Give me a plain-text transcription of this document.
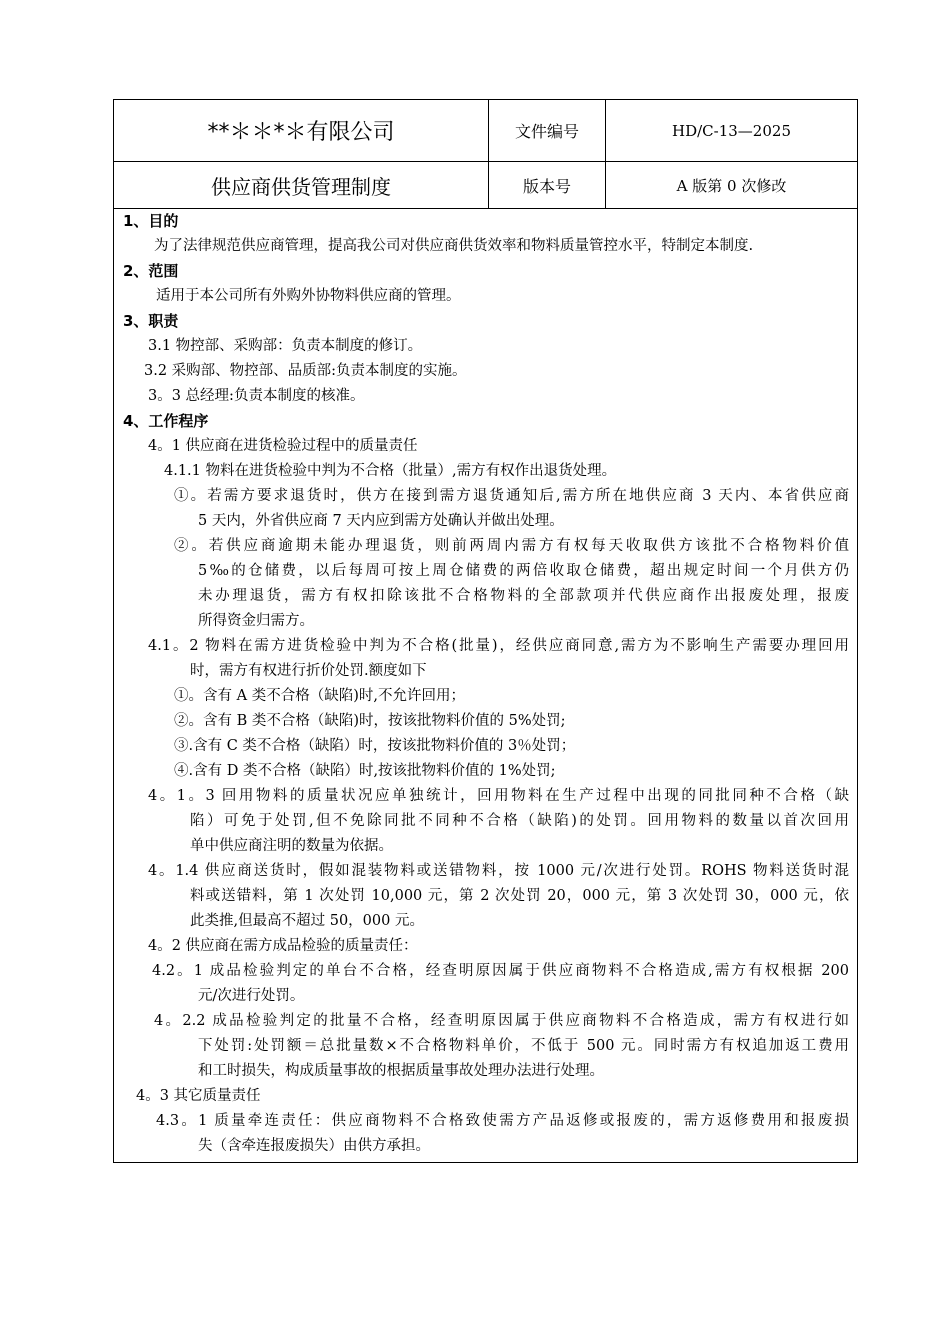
**＊＊*＊有限公司	文件编号	HD/C-13—2025
供应商供货管理制度	版本号	A 版第 0 次修改
1、目的
为了法律规范供应商管理，提高我公司对供应商供货效率和物料质量管控水平，特制定本制度.
2、范围
适用于本公司所有外购外协物料供应商的管理。
3、职责
3.1 物控部、采购部：负责本制度的修订。
3.2 采购部、物控部、品质部:负责本制度的实施。
3。3 总经理:负责本制度的核准。
4、工作程序
4。1 供应商在进货检验过程中的质量责任
4.1.1 物料在进货检验中判为不合格（批量）,需方有权作出退货处理。
①。若需方要求退货时，供方在接到需方退货通知后,需方所在地供应商 3 天内、本省供应商
5 天内，外省供应商 7 天内应到需方处确认并做出处理。
②。若供应商逾期未能办理退货，则前两周内需方有权每天收取供方该批不合格物料价值
5‰的仓储费，以后每周可按上周仓储费的两倍收取仓储费，超出规定时间一个月供方仍
未办理退货，需方有权扣除该批不合格物料的全部款项并代供应商作出报废处理，报废
所得资金归需方。
4.1。2 物料在需方进货检验中判为不合格(批量)，经供应商同意,需方为不影响生产需要办理回用
时，需方有权进行折价处罚.额度如下
①。含有 A 类不合格（缺陷)时,不允许回用；
②。含有 B 类不合格（缺陷)时，按该批物料价值的 5%处罚;
③.含有 C 类不合格（缺陷）时，按该批物料价值的 3％处罚；
④.含有 D 类不合格（缺陷）时,按该批物料价值的 1%处罚;
4。1。3 回用物料的质量状况应单独统计，回用物料在生产过程中出现的同批同种不合格（缺
陷）可免于处罚,但不免除同批不同种不合格（缺陷)的处罚。回用物料的数量以首次回用
单中供应商注明的数量为依据。
4。1.4 供应商送货时，假如混装物料或送错物料，按 1000 元/次进行处罚。ROHS 物料送货时混
料或送错料，第 1 次处罚 10,000 元，第 2 次处罚 20，000 元，第 3 次处罚 30，000 元，依
此类推,但最高不超过 50，000 元。
4。2 供应商在需方成品检验的质量责任：
4.2。1 成品检验判定的单台不合格，经查明原因属于供应商物料不合格造成,需方有权根据 200
元/次进行处罚。
4。2.2 成品检验判定的批量不合格，经查明原因属于供应商物料不合格造成，需方有权进行如
下处罚:处罚额＝总批量数×不合格物料单价，不低于 500 元。同时需方有权追加返工费用
和工时损失，构成质量事故的根据质量事故处理办法进行处理。
4。3 其它质量责任
4.3。1 质量牵连责任：供应商物料不合格致使需方产品返修或报废的，需方返修费用和报废损
失（含牵连报废损失）由供方承担。
